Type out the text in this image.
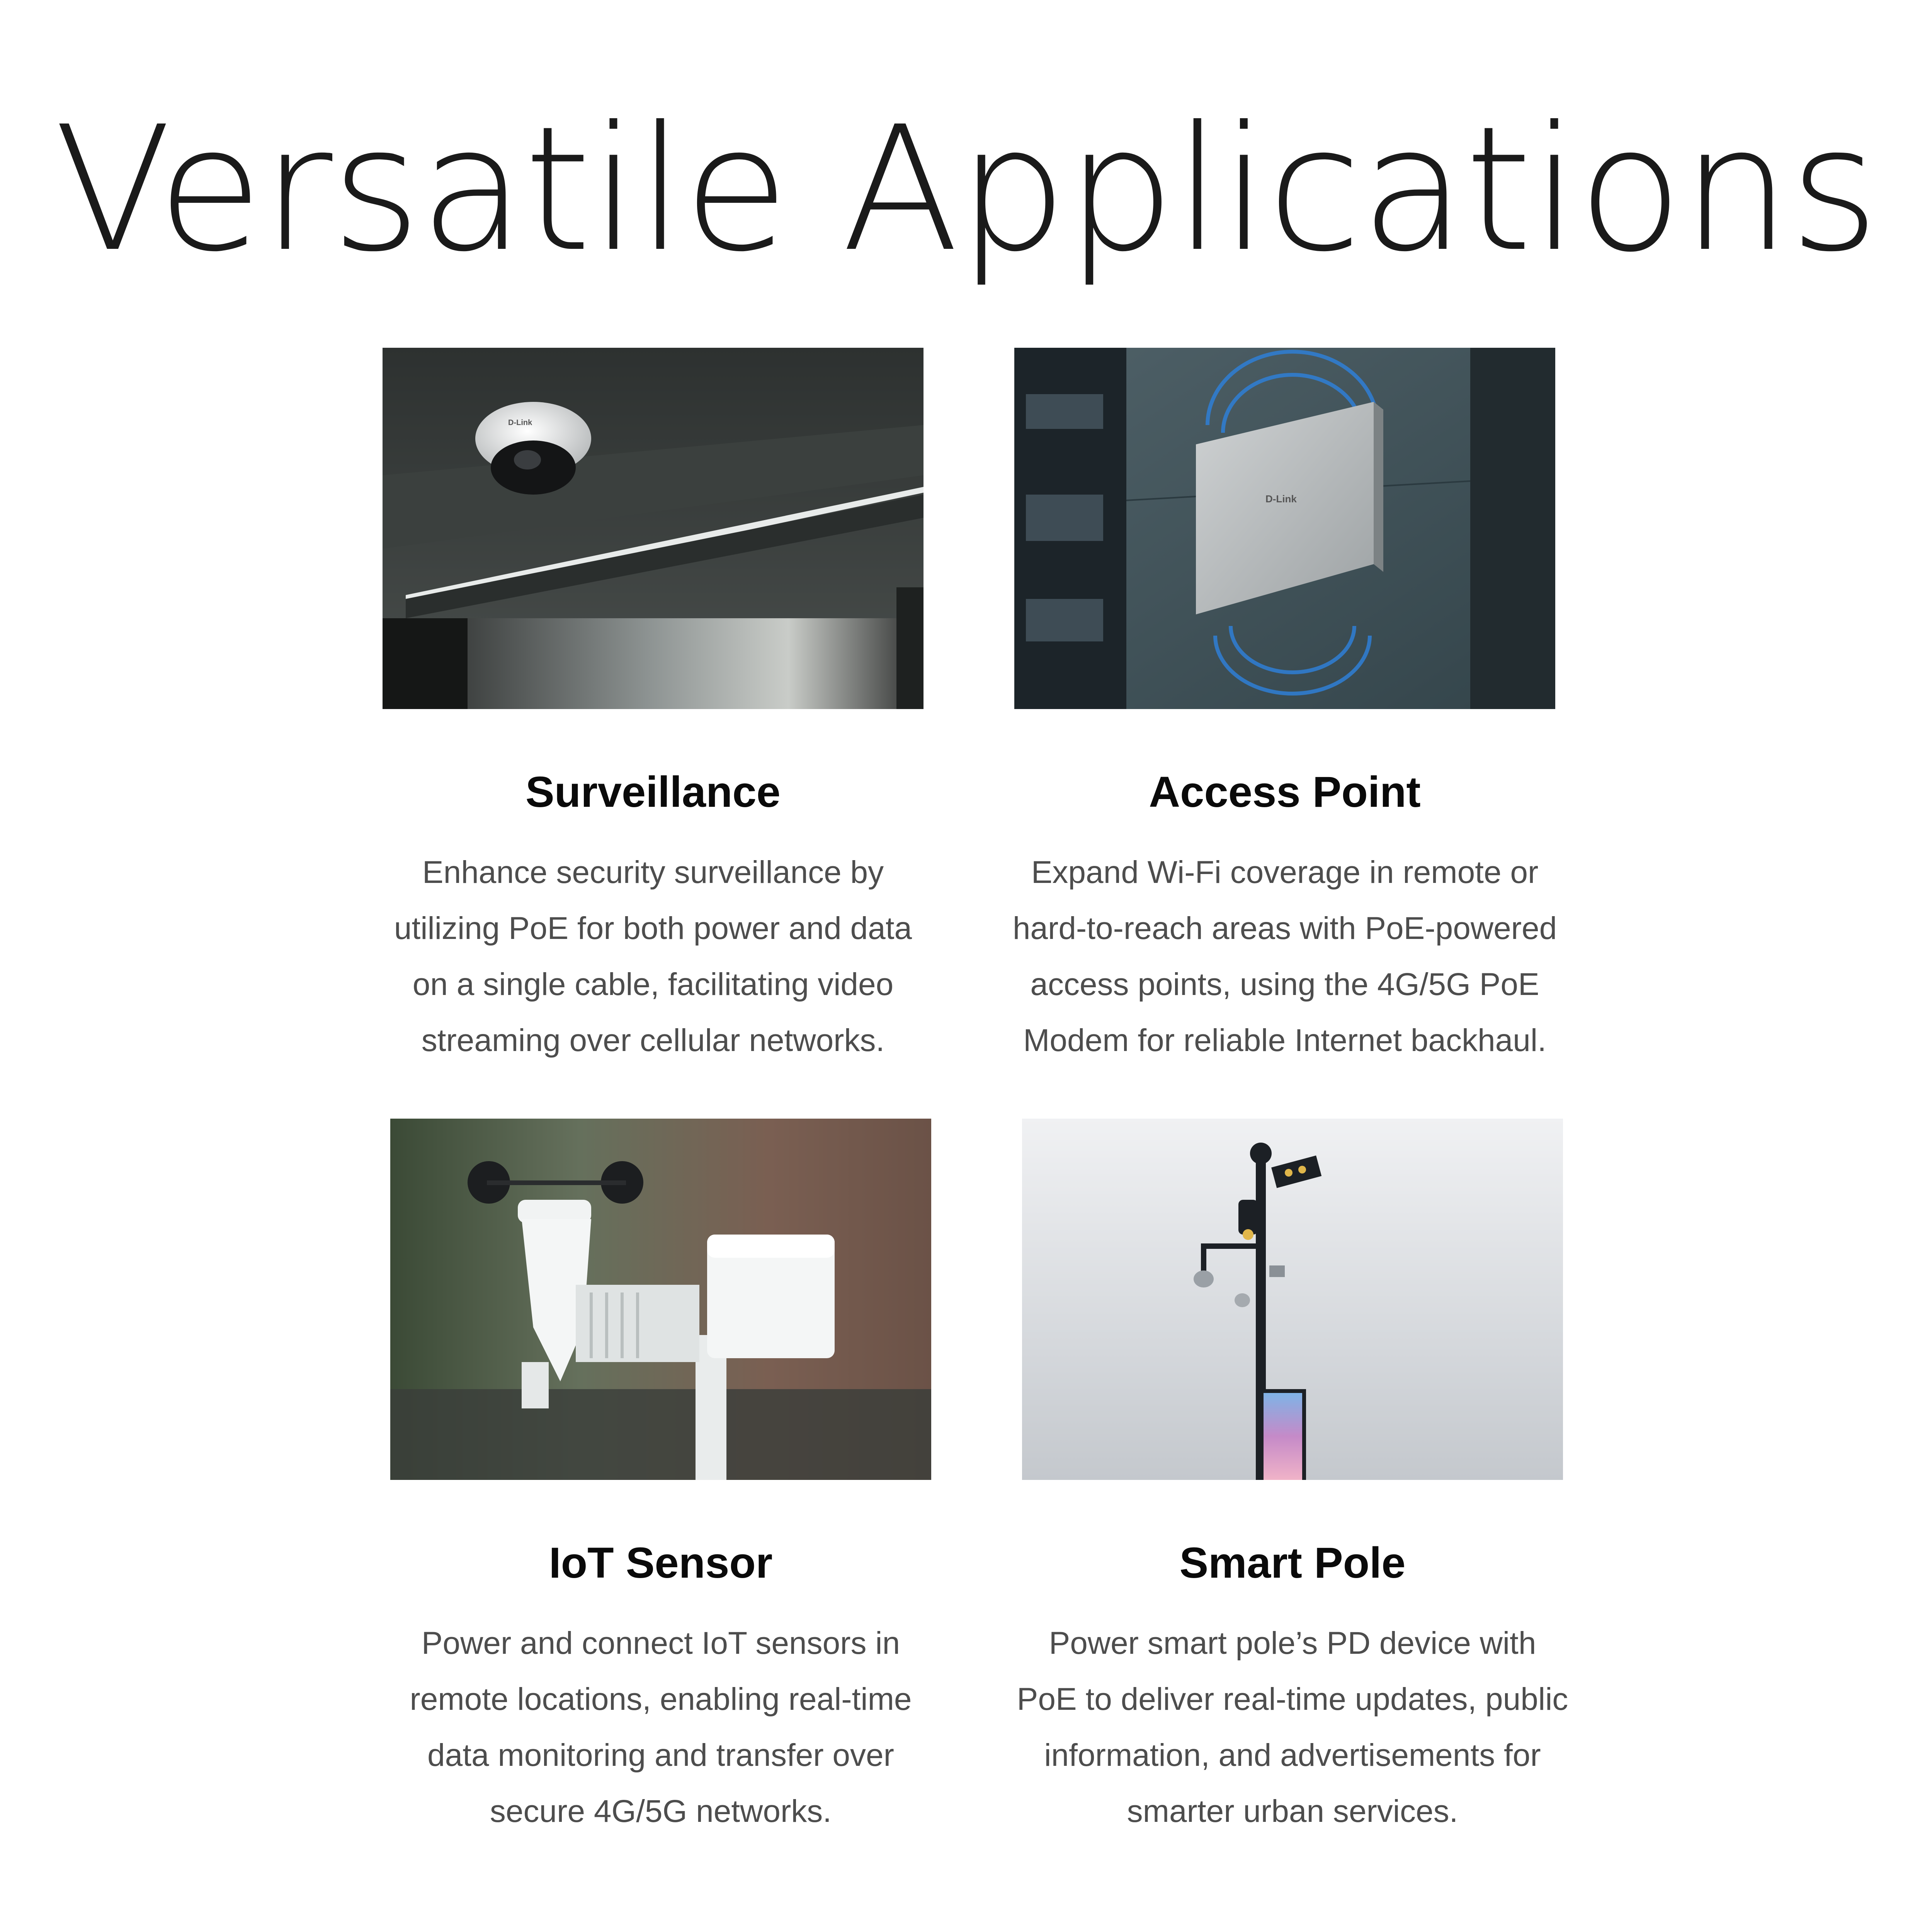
Versatile Applications
D-Link
Surveillance

Enhance security surveillance by
utilizing PoE for both power and data
on a single cable, facilitating video
streaming over cellular networks.

D-Link
Access Point

Expand Wi-Fi coverage in remote or
hard-to-reach areas with PoE-powered
access points, using the 4G/5G PoE
Modem for reliable Internet backhaul.

IoT Sensor

Power and connect IoT sensors in
remote locations, enabling real-time
data monitoring and transfer over
secure 4G/5G networks.

Smart Pole

Power smart pole’s PD device with
PoE to deliver real-time updates, public
information, and advertisements for
smarter urban services.
